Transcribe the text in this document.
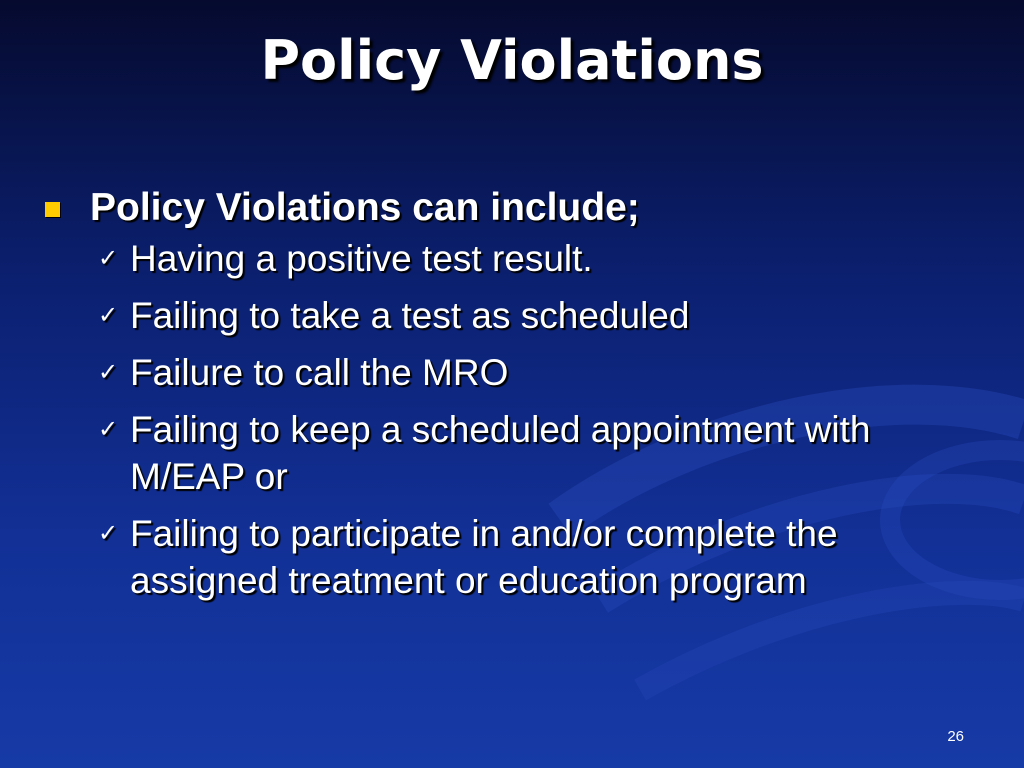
Policy Violations
Policy Violations can include;
✓ Having a positive test result.
✓ Failing to take a test as scheduled
✓ Failure to call the MRO
✓ Failing to keep a scheduled appointment with M/EAP or
✓ Failing to participate in and/or complete the assigned treatment or education program
26
